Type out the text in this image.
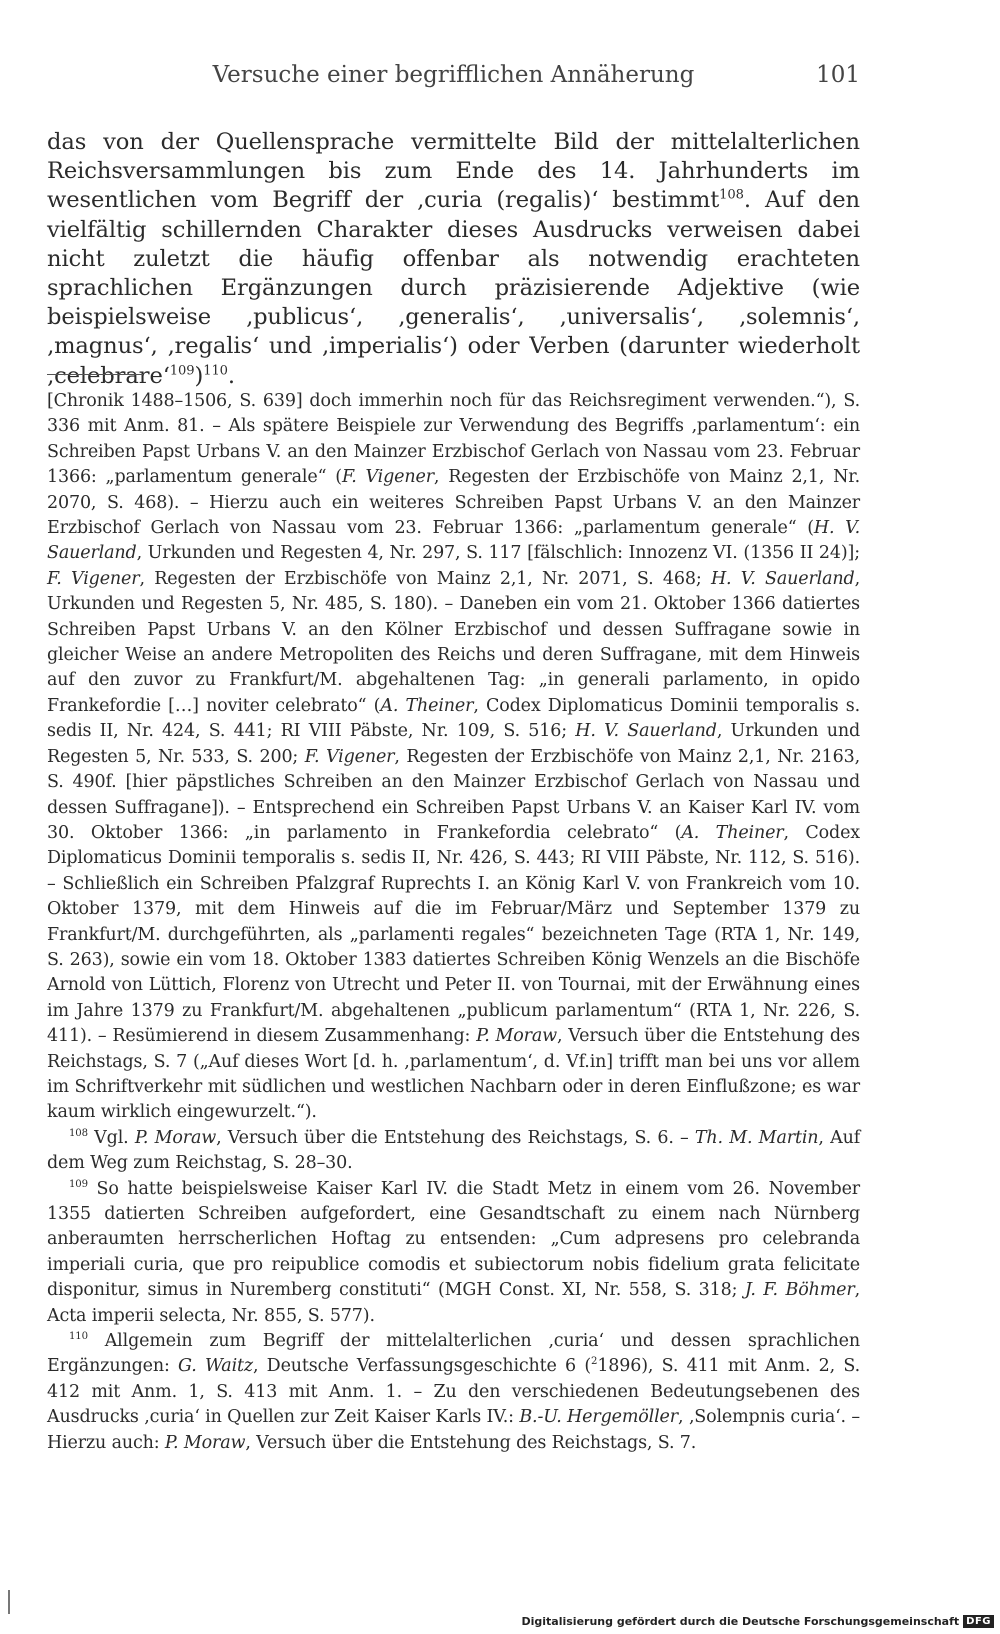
Versuche einer begrifflichen Annäherung	101

das von der Quellensprache vermittelte Bild der mittelalterlichen Reichsversammlungen bis zum Ende des 14. Jahrhunderts im wesentlichen vom Begriff der ‚curia (regalis)‘ bestimmt$^{108}$. Auf den vielfältig schillernden Charakter dieses Ausdrucks verweisen dabei nicht zuletzt die häufig offenbar als notwendig erachteten sprachlichen Ergänzungen durch präzisierende Adjektive (wie beispielsweise ‚publicus‘, ‚generalis‘, ‚universalis‘, ‚solemnis‘, ‚magnus‘, ‚regalis‘ und ‚imperialis‘) oder Verben (darunter wiederholt ‚celebrare‘$^{109}$)$^{110}$.

[Chronik 1488–1506, S. 639] doch immerhin noch für das Reichsregiment verwenden.“), S. 336 mit Anm. 81. – Als spätere Beispiele zur Verwendung des Begriffs ‚parlamentum‘: ein Schreiben Papst Urbans V. an den Mainzer Erzbischof Gerlach von Nassau vom 23. Februar 1366: „parlamentum generale“ (F. Vigener, Regesten der Erzbischöfe von Mainz 2,1, Nr. 2070, S. 468). – Hierzu auch ein weiteres Schreiben Papst Urbans V. an den Mainzer Erzbischof Gerlach von Nassau vom 23. Februar 1366: „parlamentum generale“ (H. V. Sauerland, Urkunden und Regesten 4, Nr. 297, S. 117 [fälschlich: Innozenz VI. (1356 II 24)]; F. Vigener, Regesten der Erzbischöfe von Mainz 2,1, Nr. 2071, S. 468; H. V. Sauerland, Urkunden und Regesten 5, Nr. 485, S. 180). – Daneben ein vom 21. Oktober 1366 datiertes Schreiben Papst Urbans V. an den Kölner Erzbischof und dessen Suffragane sowie in gleicher Weise an andere Metropoliten des Reichs und deren Suffragane, mit dem Hinweis auf den zuvor zu Frankfurt/M. abgehaltenen Tag: „in generali parlamento, in opido Frankefordie […] noviter celebrato“ (A. Theiner, Codex Diplomaticus Dominii temporalis s. sedis II, Nr. 424, S. 441; RI VIII Päbste, Nr. 109, S. 516; H. V. Sauerland, Urkunden und Regesten 5, Nr. 533, S. 200; F. Vigener, Regesten der Erzbischöfe von Mainz 2,1, Nr. 2163, S. 490f. [hier päpstliches Schreiben an den Mainzer Erzbischof Gerlach von Nassau und dessen Suffragane]). – Entsprechend ein Schreiben Papst Urbans V. an Kaiser Karl IV. vom 30. Oktober 1366: „in parlamento in Frankefordia celebrato“ (A. Theiner, Codex Diplomaticus Dominii temporalis s. sedis II, Nr. 426, S. 443; RI VIII Päbste, Nr. 112, S. 516). – Schließlich ein Schreiben Pfalzgraf Ruprechts I. an König Karl V. von Frankreich vom 10. Oktober 1379, mit dem Hinweis auf die im Februar/März und September 1379 zu Frankfurt/M. durchgeführten, als „parlamenti regales“ bezeichneten Tage (RTA 1, Nr. 149, S. 263), sowie ein vom 18. Oktober 1383 datiertes Schreiben König Wenzels an die Bischöfe Arnold von Lüttich, Florenz von Utrecht und Peter II. von Tournai, mit der Erwähnung eines im Jahre 1379 zu Frankfurt/M. abgehaltenen „publicum parlamentum“ (RTA 1, Nr. 226, S. 411). – Resümierend in diesem Zusammenhang: P. Moraw, Versuch über die Entstehung des Reichstags, S. 7 („Auf dieses Wort [d. h. ‚parlamentum‘, d. Vf.in] trifft man bei uns vor allem im Schriftverkehr mit südlichen und westlichen Nachbarn oder in deren Einflußzone; es war kaum wirklich eingewurzelt.“).

$^{108}$ Vgl. P. Moraw, Versuch über die Entstehung des Reichstags, S. 6. – Th. M. Martin, Auf dem Weg zum Reichstag, S. 28–30.

$^{109}$ So hatte beispielsweise Kaiser Karl IV. die Stadt Metz in einem vom 26. November 1355 datierten Schreiben aufgefordert, eine Gesandtschaft zu einem nach Nürnberg anberaumten herrscherlichen Hoftag zu entsenden: „Cum adpresens pro celebranda imperiali curia, que pro reipublice comodis et subiectorum nobis fidelium grata felicitate disponitur, simus in Nuremberg constituti“ (MGH Const. XI, Nr. 558, S. 318; J. F. Böhmer, Acta imperii selecta, Nr. 855, S. 577).

$^{110}$ Allgemein zum Begriff der mittelalterlichen ‚curia‘ und dessen sprachlichen Ergänzungen: G. Waitz, Deutsche Verfassungsgeschichte 6 ($^2$1896), S. 411 mit Anm. 2, S. 412 mit Anm. 1, S. 413 mit Anm. 1. – Zu den verschiedenen Bedeutungsebenen des Ausdrucks ‚curia‘ in Quellen zur Zeit Kaiser Karls IV.: B.-U. Hergemöller, ‚Solempnis curia‘. – Hierzu auch: P. Moraw, Versuch über die Entstehung des Reichstags, S. 7.

Digitalisierung gefördert durch die Deutsche Forschungsgemeinschaft DFG
